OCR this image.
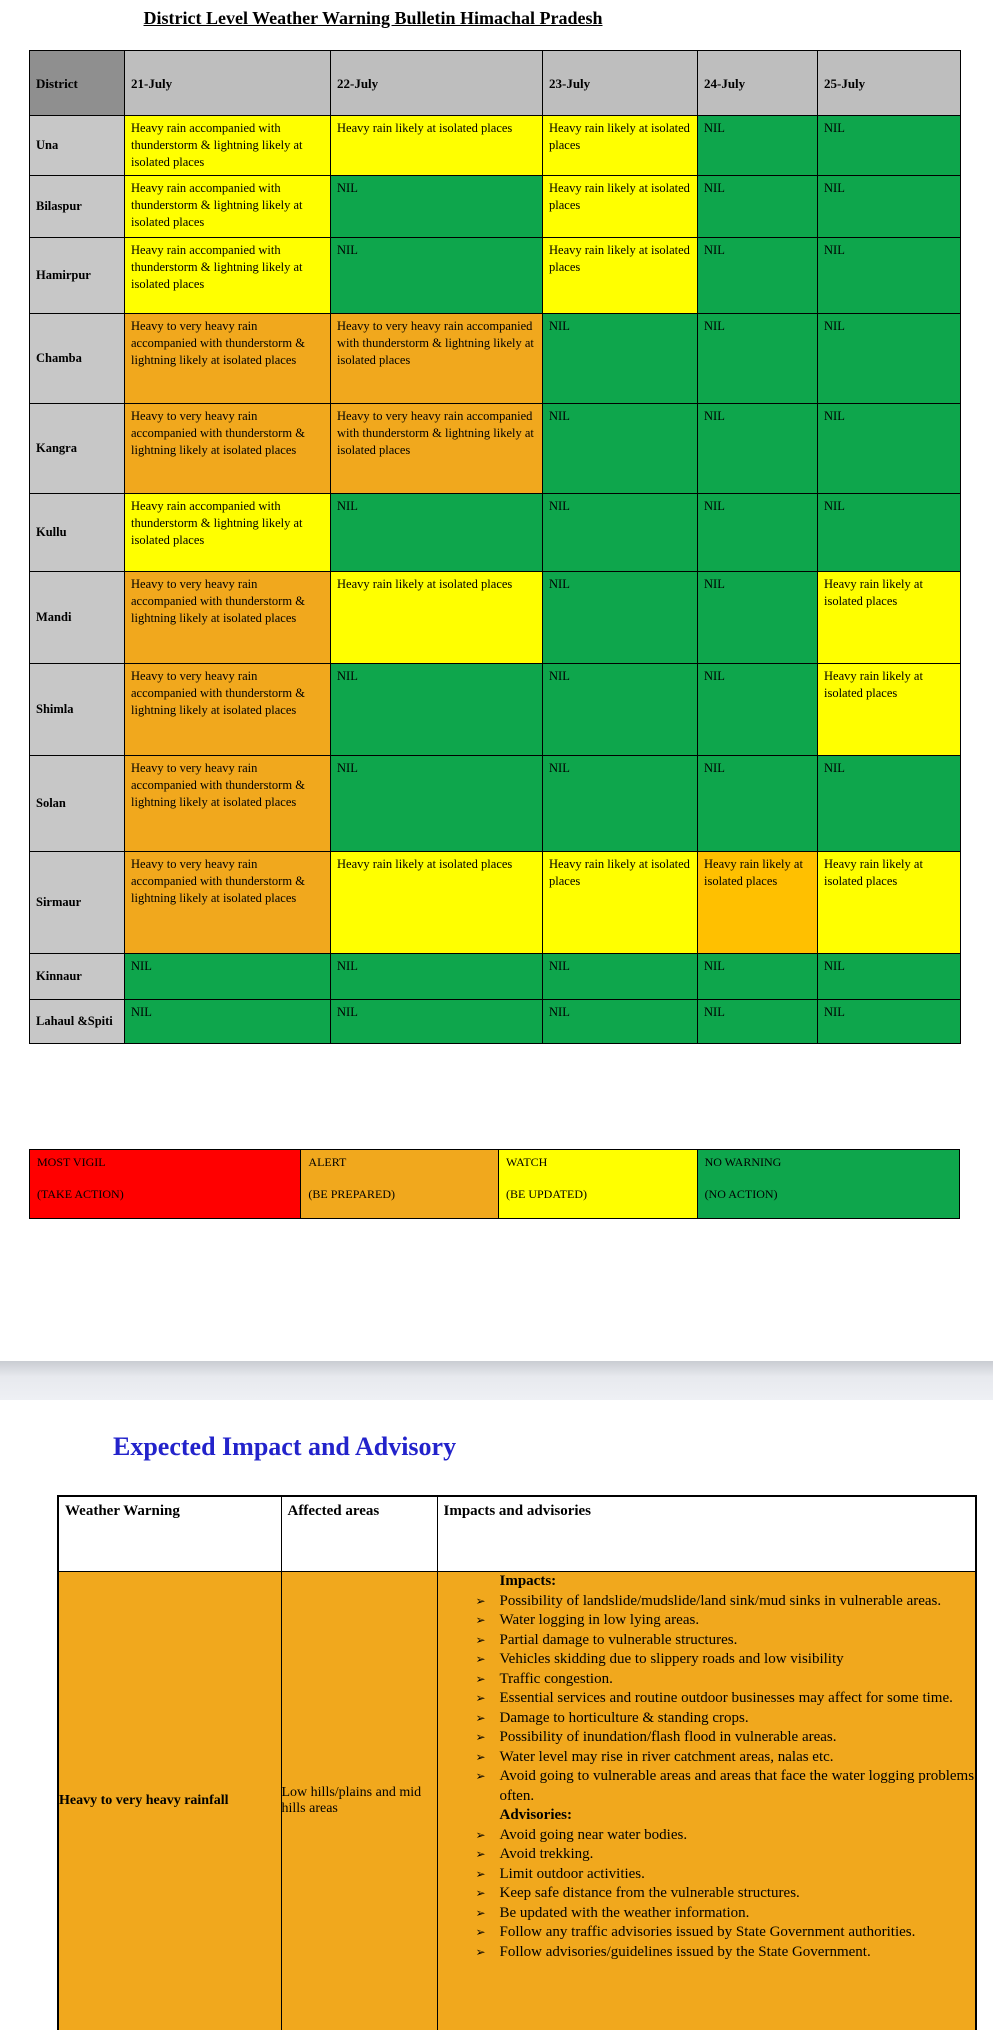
District Level Weather Warning Bulletin Himachal Pradesh
District	21-July	22-July	23-July	24-July	25-July
Una	Heavy rain accompanied with thunderstorm & lightning likely at isolated places	Heavy rain likely at isolated places	Heavy rain likely at isolated places	NIL	NIL
Bilaspur	Heavy rain accompanied with thunderstorm & lightning likely at isolated places	NIL	Heavy rain likely at isolated places	NIL	NIL
Hamirpur	Heavy rain accompanied with thunderstorm & lightning likely at isolated places	NIL	Heavy rain likely at isolated places	NIL	NIL
Chamba	Heavy to very heavy rain accompanied with thunderstorm & lightning likely at isolated places	Heavy to very heavy rain accompanied with thunderstorm & lightning likely at isolated places	NIL	NIL	NIL
Kangra	Heavy to very heavy rain accompanied with thunderstorm & lightning likely at isolated places	Heavy to very heavy rain accompanied with thunderstorm & lightning likely at isolated places	NIL	NIL	NIL
Kullu	Heavy rain accompanied with thunderstorm & lightning likely at isolated places	NIL	NIL	NIL	NIL
Mandi	Heavy to very heavy rain accompanied with thunderstorm & lightning likely at isolated places	Heavy rain likely at isolated places	NIL	NIL	Heavy rain likely at isolated places
Shimla	Heavy to very heavy rain accompanied with thunderstorm & lightning likely at isolated places	NIL	NIL	NIL	Heavy rain likely at isolated places
Solan	Heavy to very heavy rain accompanied with thunderstorm & lightning likely at isolated places	NIL	NIL	NIL	NIL
Sirmaur	Heavy to very heavy rain accompanied with thunderstorm & lightning likely at isolated places	Heavy rain likely at isolated places	Heavy rain likely at isolated places	Heavy rain likely at isolated places	Heavy rain likely at isolated places
Kinnaur	NIL	NIL	NIL	NIL	NIL
Lahaul &Spiti	NIL	NIL	NIL	NIL	NIL
MOST VIGIL
(TAKE ACTION)
ALERT
(BE PREPARED)
WATCH
(BE UPDATED)
NO WARNING
(NO ACTION)
Expected Impact and Advisory
Weather Warning	Affected areas	Impacts and advisories
Heavy to very heavy rainfall	Low hills/plains and mid hills areas	
Impacts:
➢ Possibility of landslide/mudslide/land sink/mud sinks in vulnerable areas.
➢ Water logging in low lying areas.
➢ Partial damage to vulnerable structures.
➢ Vehicles skidding due to slippery roads and low visibility
➢ Traffic congestion.
➢ Essential services and routine outdoor businesses may affect for some time.
➢ Damage to horticulture & standing crops.
➢ Possibility of inundation/flash flood in vulnerable areas.
➢ Water level may rise in river catchment areas, nalas etc.
➢ Avoid going to vulnerable areas and areas that face the water logging problems often.
Advisories:
➢ Avoid going near water bodies.
➢ Avoid trekking.
➢ Limit outdoor activities.
➢ Keep safe distance from the vulnerable structures.
➢ Be updated with the weather information.
➢ Follow any traffic advisories issued by State Government authorities.
➢ Follow advisories/guidelines issued by the State Government.
